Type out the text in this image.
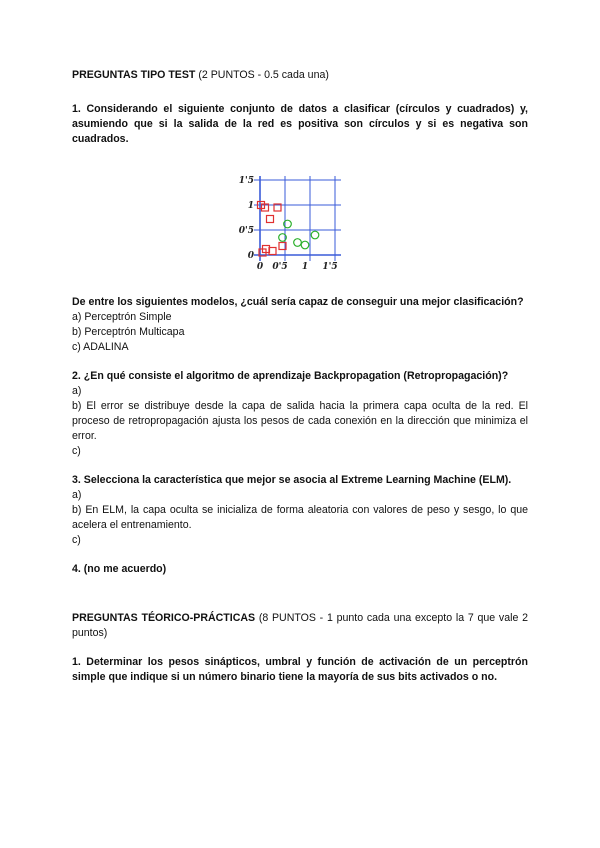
PREGUNTAS TIPO TEST (2 PUNTOS - 0.5 cada una)

1. Considerando el siguiente conjunto de datos a clasificar (círculos y cuadrados) y, asumiendo que si la salida de la red es positiva son círculos y si es negativa son cuadrados.

0 0'5 1 1'5
0
0'5
1
1'5

De entre los siguientes modelos, ¿cuál sería capaz de conseguir una mejor clasificación?

a) Perceptrón Simple

b) Perceptrón Multicapa

c) ADALINA

2. ¿En qué consiste el algoritmo de aprendizaje Backpropagation (Retropropagación)?

a)

b) El error se distribuye desde la capa de salida hacia la primera capa oculta de la red. El proceso de retropropagación ajusta los pesos de cada conexión en la dirección que minimiza el error.

c)

3. Selecciona la característica que mejor se asocia al Extreme Learning Machine (ELM).

a)

b) En ELM, la capa oculta se inicializa de forma aleatoria con valores de peso y sesgo, lo que acelera el entrenamiento.

c)

4. (no me acuerdo)

PREGUNTAS TÉORICO-PRÁCTICAS (8 PUNTOS - 1 punto cada una excepto la 7 que vale 2 puntos)

1. Determinar los pesos sinápticos, umbral y función de activación de un perceptrón simple que indique si un número binario tiene la mayoría de sus bits activados o no.
